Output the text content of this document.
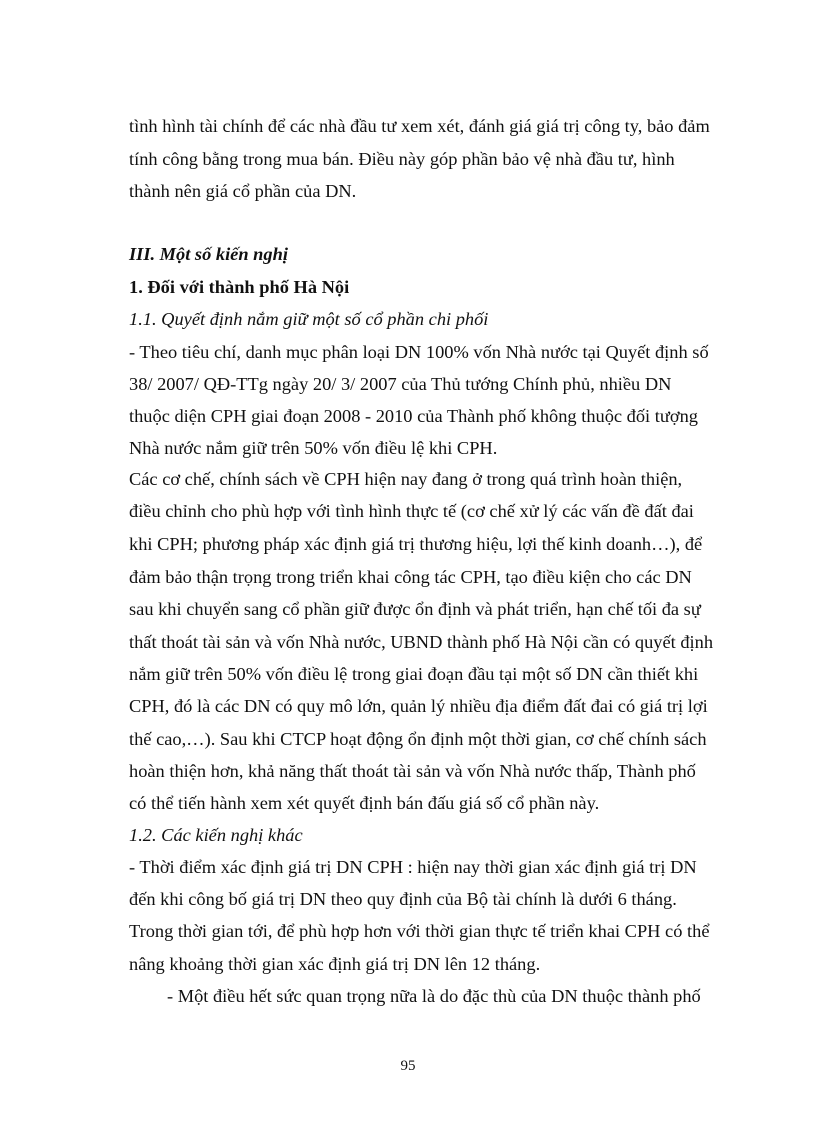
tình hình tài chính để các nhà đầu tư xem xét, đánh giá giá trị công ty, bảo đảm
tính công bằng trong mua bán. Điều này góp phần bảo vệ nhà đầu tư, hình
thành nên giá cổ phần của DN.
III. Một số kiến nghị
1. Đối với thành phố Hà Nội
1.1. Quyết định nắm giữ một số cổ phần chi phối
- Theo tiêu chí, danh mục phân loại DN 100% vốn Nhà nước tại Quyết định số
38/ 2007/ QĐ-TTg ngày 20/ 3/ 2007 của Thủ tướng Chính phủ, nhiều DN
thuộc diện CPH giai đoạn 2008 - 2010 của Thành phố không thuộc đối tượng
Nhà nước nắm giữ trên 50% vốn điều lệ khi CPH.
Các cơ chế, chính sách về CPH hiện nay đang ở trong quá trình hoàn thiện,
điều chỉnh cho phù hợp với tình hình thực tế (cơ chế xử lý các vấn đề đất đai
khi CPH; phương pháp xác định giá trị thương hiệu, lợi thế kinh doanh…), để
đảm bảo thận trọng trong triển khai công tác CPH, tạo điều kiện cho các DN
sau khi chuyển sang cổ phần giữ được ổn định và phát triển, hạn chế tối đa sự
thất thoát tài sản và vốn Nhà nước, UBND thành phố Hà Nội cần có quyết định
nắm giữ trên 50% vốn điều lệ trong giai đoạn đầu tại một số DN cần thiết khi
CPH, đó là các DN có quy mô lớn, quản lý nhiều địa điểm đất đai có giá trị lợi
thế cao,…). Sau khi CTCP hoạt động ổn định một thời gian, cơ chế chính sách
hoàn thiện hơn, khả năng thất thoát tài sản và vốn Nhà nước thấp, Thành phố
có thể tiến hành xem xét quyết định bán đấu giá số cổ phần này.
1.2. Các kiến nghị khác
- Thời điểm xác định giá trị DN CPH : hiện nay thời gian xác định giá trị DN
đến khi công bố giá trị DN theo quy định của Bộ tài chính là dưới 6 tháng.
Trong thời gian tới, để phù hợp hơn với thời gian thực tế triển khai CPH có thể
nâng khoảng thời gian xác định giá trị DN lên 12 tháng.
- Một điều hết sức quan trọng nữa là do đặc thù của DN thuộc thành phố
95
